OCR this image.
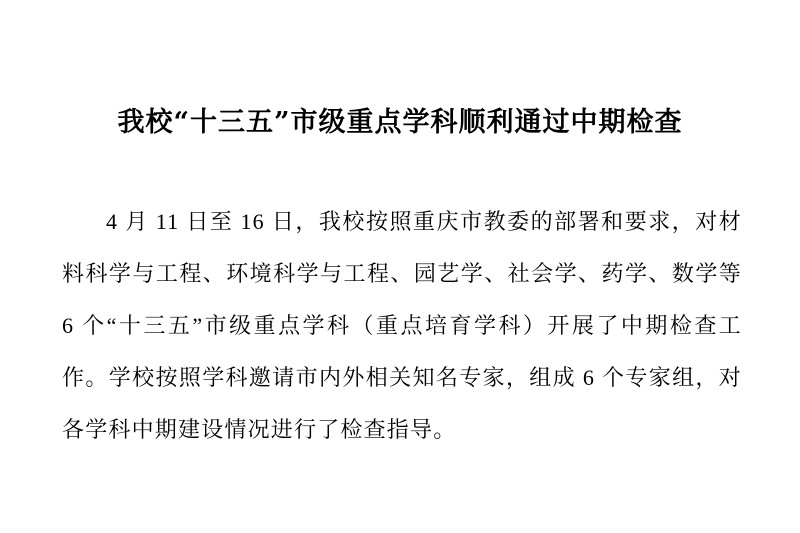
我校“十三五”市级重点学科顺利通过中期检查

4 月 11 日至 16 日，我校按照重庆市教委的部署和要求，对材料科学与工程、环境科学与工程、园艺学、社会学、药学、数学等 6 个“十三五”市级重点学科（重点培育学科）开展了中期检查工作。学校按照学科邀请市内外相关知名专家，组成 6 个专家组，对各学科中期建设情况进行了检查指导。
